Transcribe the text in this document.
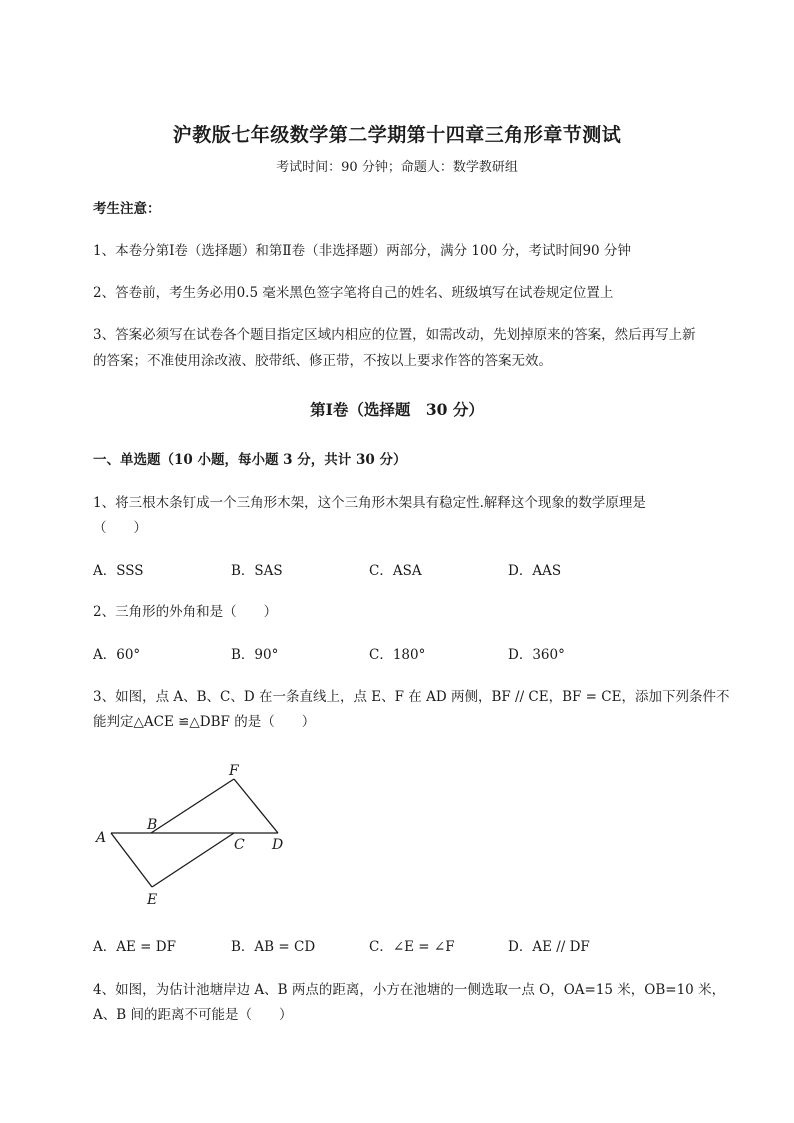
沪教版七年级数学第二学期第十四章三角形章节测试
考试时间：90 分钟；命题人：数学教研组
考生注意：
1、本卷分第Ⅰ卷（选择题）和第Ⅱ卷（非选择题）两部分，满分 100 分，考试时间90 分钟
2、答卷前，考生务必用0.5 毫米黑色签字笔将自己的姓名、班级填写在试卷规定位置上
3、答案必须写在试卷各个题目指定区域内相应的位置，如需改动，先划掉原来的答案，然后再写上新
的答案；不准使用涂改液、胶带纸、修正带，不按以上要求作答的答案无效。
第Ⅰ卷（选择题　30 分）
一、单选题（10 小题，每小题 3 分，共计 30 分）
1、将三根木条钉成一个三角形木架，这个三角形木架具有稳定性.解释这个现象的数学原理是
（　　）
A．SSS	B．SAS	C．ASA	D．AAS
2、三角形的外角和是（　　）
A．60°	B．90°	C．180°	D．360°
3、如图，点 A、B、C、D 在一条直线上，点 E、F 在 AD 两侧，BF // CE，BF = CE，添加下列条件不
能判定△ACE ≌△DBF 的是（　　）
A
B
C D
E
F
A．AE = DF	B．AB = CD	C．∠E = ∠F	D．AE // DF
4、如图，为估计池塘岸边 A、B 两点的距离，小方在池塘的一侧选取一点 O，OA=15 米，OB=10 米，
A、B 间的距离不可能是（　　）
